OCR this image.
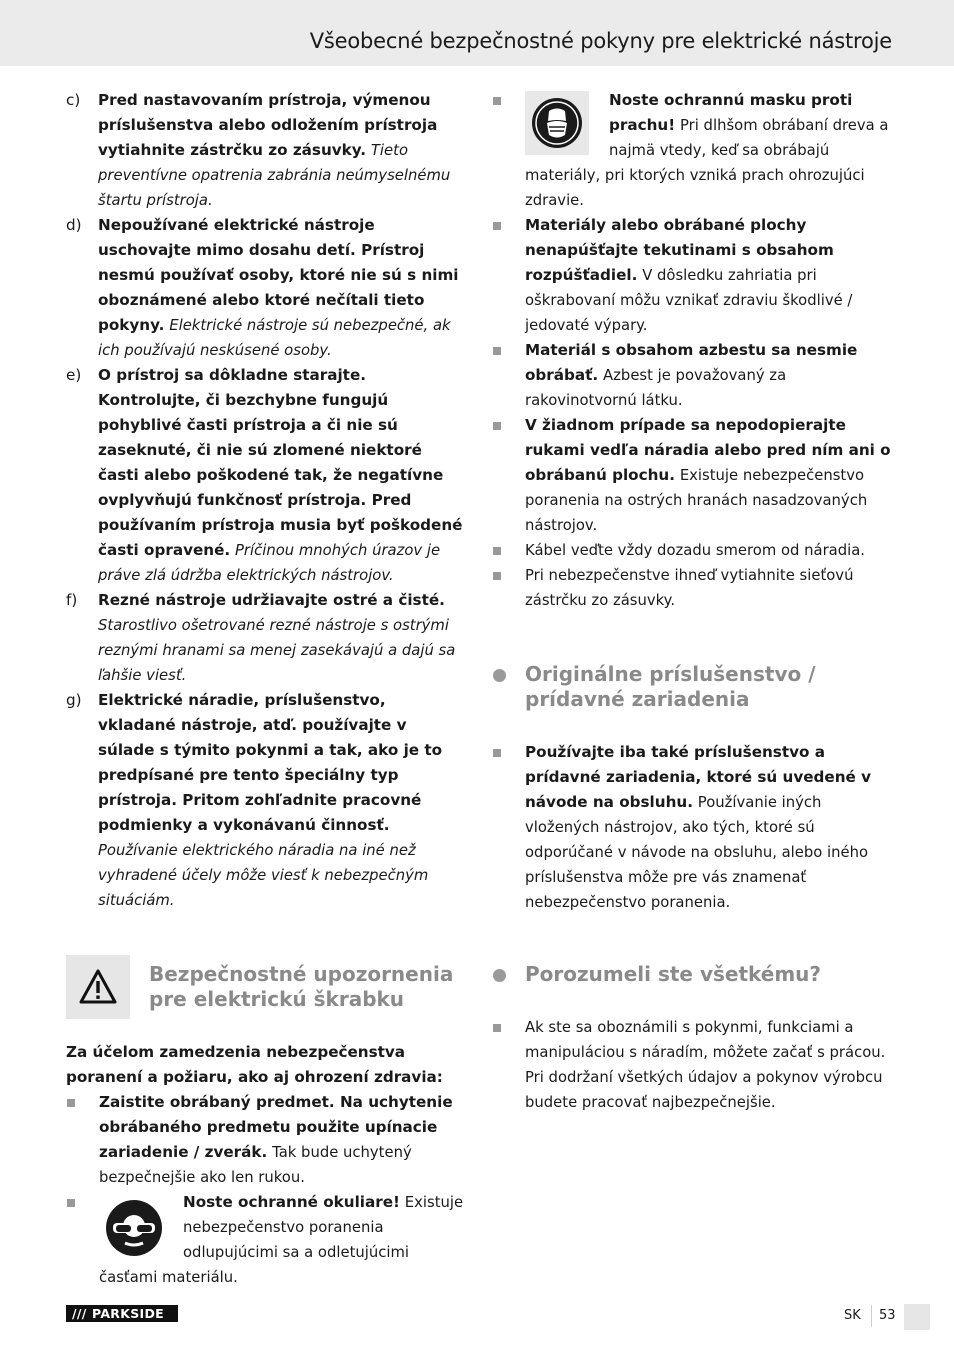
Všeobecné bezpečnostné pokyny pre elektrické nástroje
c)	Pred nastavovaním prístroja, výmenou príslušenstva alebo odložením prístroja vytiahnite zástrčku zo zásuvky. Tieto preventívne opatrenia zabránia neúmyselnému štartu prístroja.

d)	Nepoužívané elektrické nástroje uschovajte mimo dosahu detí. Prístroj nesmú používať osoby, ktoré nie sú s nimi oboznámené alebo ktoré nečítali tieto pokyny. Elektrické nástroje sú nebezpečné, ak ich používajú neskúsené osoby.

e)	O prístroj sa dôkladne starajte. Kontrolujte, či bezchybne fungujú pohyblivé časti prístroja a či nie sú zaseknuté, či nie sú zlomené niektoré časti alebo poškodené tak, že negatívne ovplyvňujú funkčnosť prístroja. Pred používaním prístroja musia byť poškodené časti opravené. Príčinou mnohých úrazov je práve zlá údržba elektrických nástrojov.

f)	Rezné nástroje udržiavajte ostré a čisté. Starostlivo ošetrované rezné nástroje s ostrými reznými hranami sa menej zasekávajú a dajú sa ľahšie viesť.

g)	Elektrické náradie, príslušenstvo, vkladané nástroje, atď. používajte v súlade s týmito pokynmi a tak, ako je to predpísané pre tento špeciálny typ prístroja. Pritom zohľadnite pracovné podmienky a vykonávanú činnosť. Používanie elektrického náradia na iné než vyhradené účely môže viesť k nebezpečným situáciám.

Bezpečnostné upozornenia pre elektrickú škrabku

Za účelom zamedzenia nebezpečenstva poranení a požiaru, ako aj ohrození zdravia:

Zaistite obrábaný predmet. Na uchytenie obrábaného predmetu použite upínacie zariadenie / zverák. Tak bude uchytený bezpečnejšie ako len rukou.

Noste ochranné okuliare! Existuje nebezpečenstvo poranenia odlupujúcimi sa a odletujúcimi časťami materiálu.

Noste ochrannú masku proti prachu! Pri dlhšom obrábaní dreva a najmä vtedy, keď sa obrábajú materiály, pri ktorých vzniká prach ohrozujúci zdravie.

Materiály alebo obrábané plochy nenapúšťajte tekutinami s obsahom rozpúšťadiel. V dôsledku zahriatia pri oškrabovaní môžu vznikať zdraviu škodlivé / jedovaté výpary.

Materiál s obsahom azbestu sa nesmie obrábať. Azbest je považovaný za rakovinotvornú látku.

V žiadnom prípade sa nepodopierajte rukami vedľa náradia alebo pred ním ani o obrábanú plochu. Existuje nebezpečenstvo poranenia na ostrých hranách nasadzovaných nástrojov.

Kábel veďte vždy dozadu smerom od náradia.

Pri nebezpečenstve ihneď vytiahnite sieťovú zástrčku zo zásuvky.

Originálne príslušenstvo / prídavné zariadenia

Používajte iba také príslušenstvo a prídavné zariadenia, ktoré sú uvedené v návode na obsluhu. Používanie iných vložených nástrojov, ako tých, ktoré sú odporúčané v návode na obsluhu, alebo iného príslušenstva môže pre vás znamenať nebezpečenstvo poranenia.

Porozumeli ste všetkému?

Ak ste sa oboznámili s pokynmi, funkciami a manipuláciou s náradím, môžete začať s prácou. Pri dodržaní všetkých údajov a pokynov výrobcu budete pracovať najbezpečnejšie.

/// PARKSIDE	SK 53
